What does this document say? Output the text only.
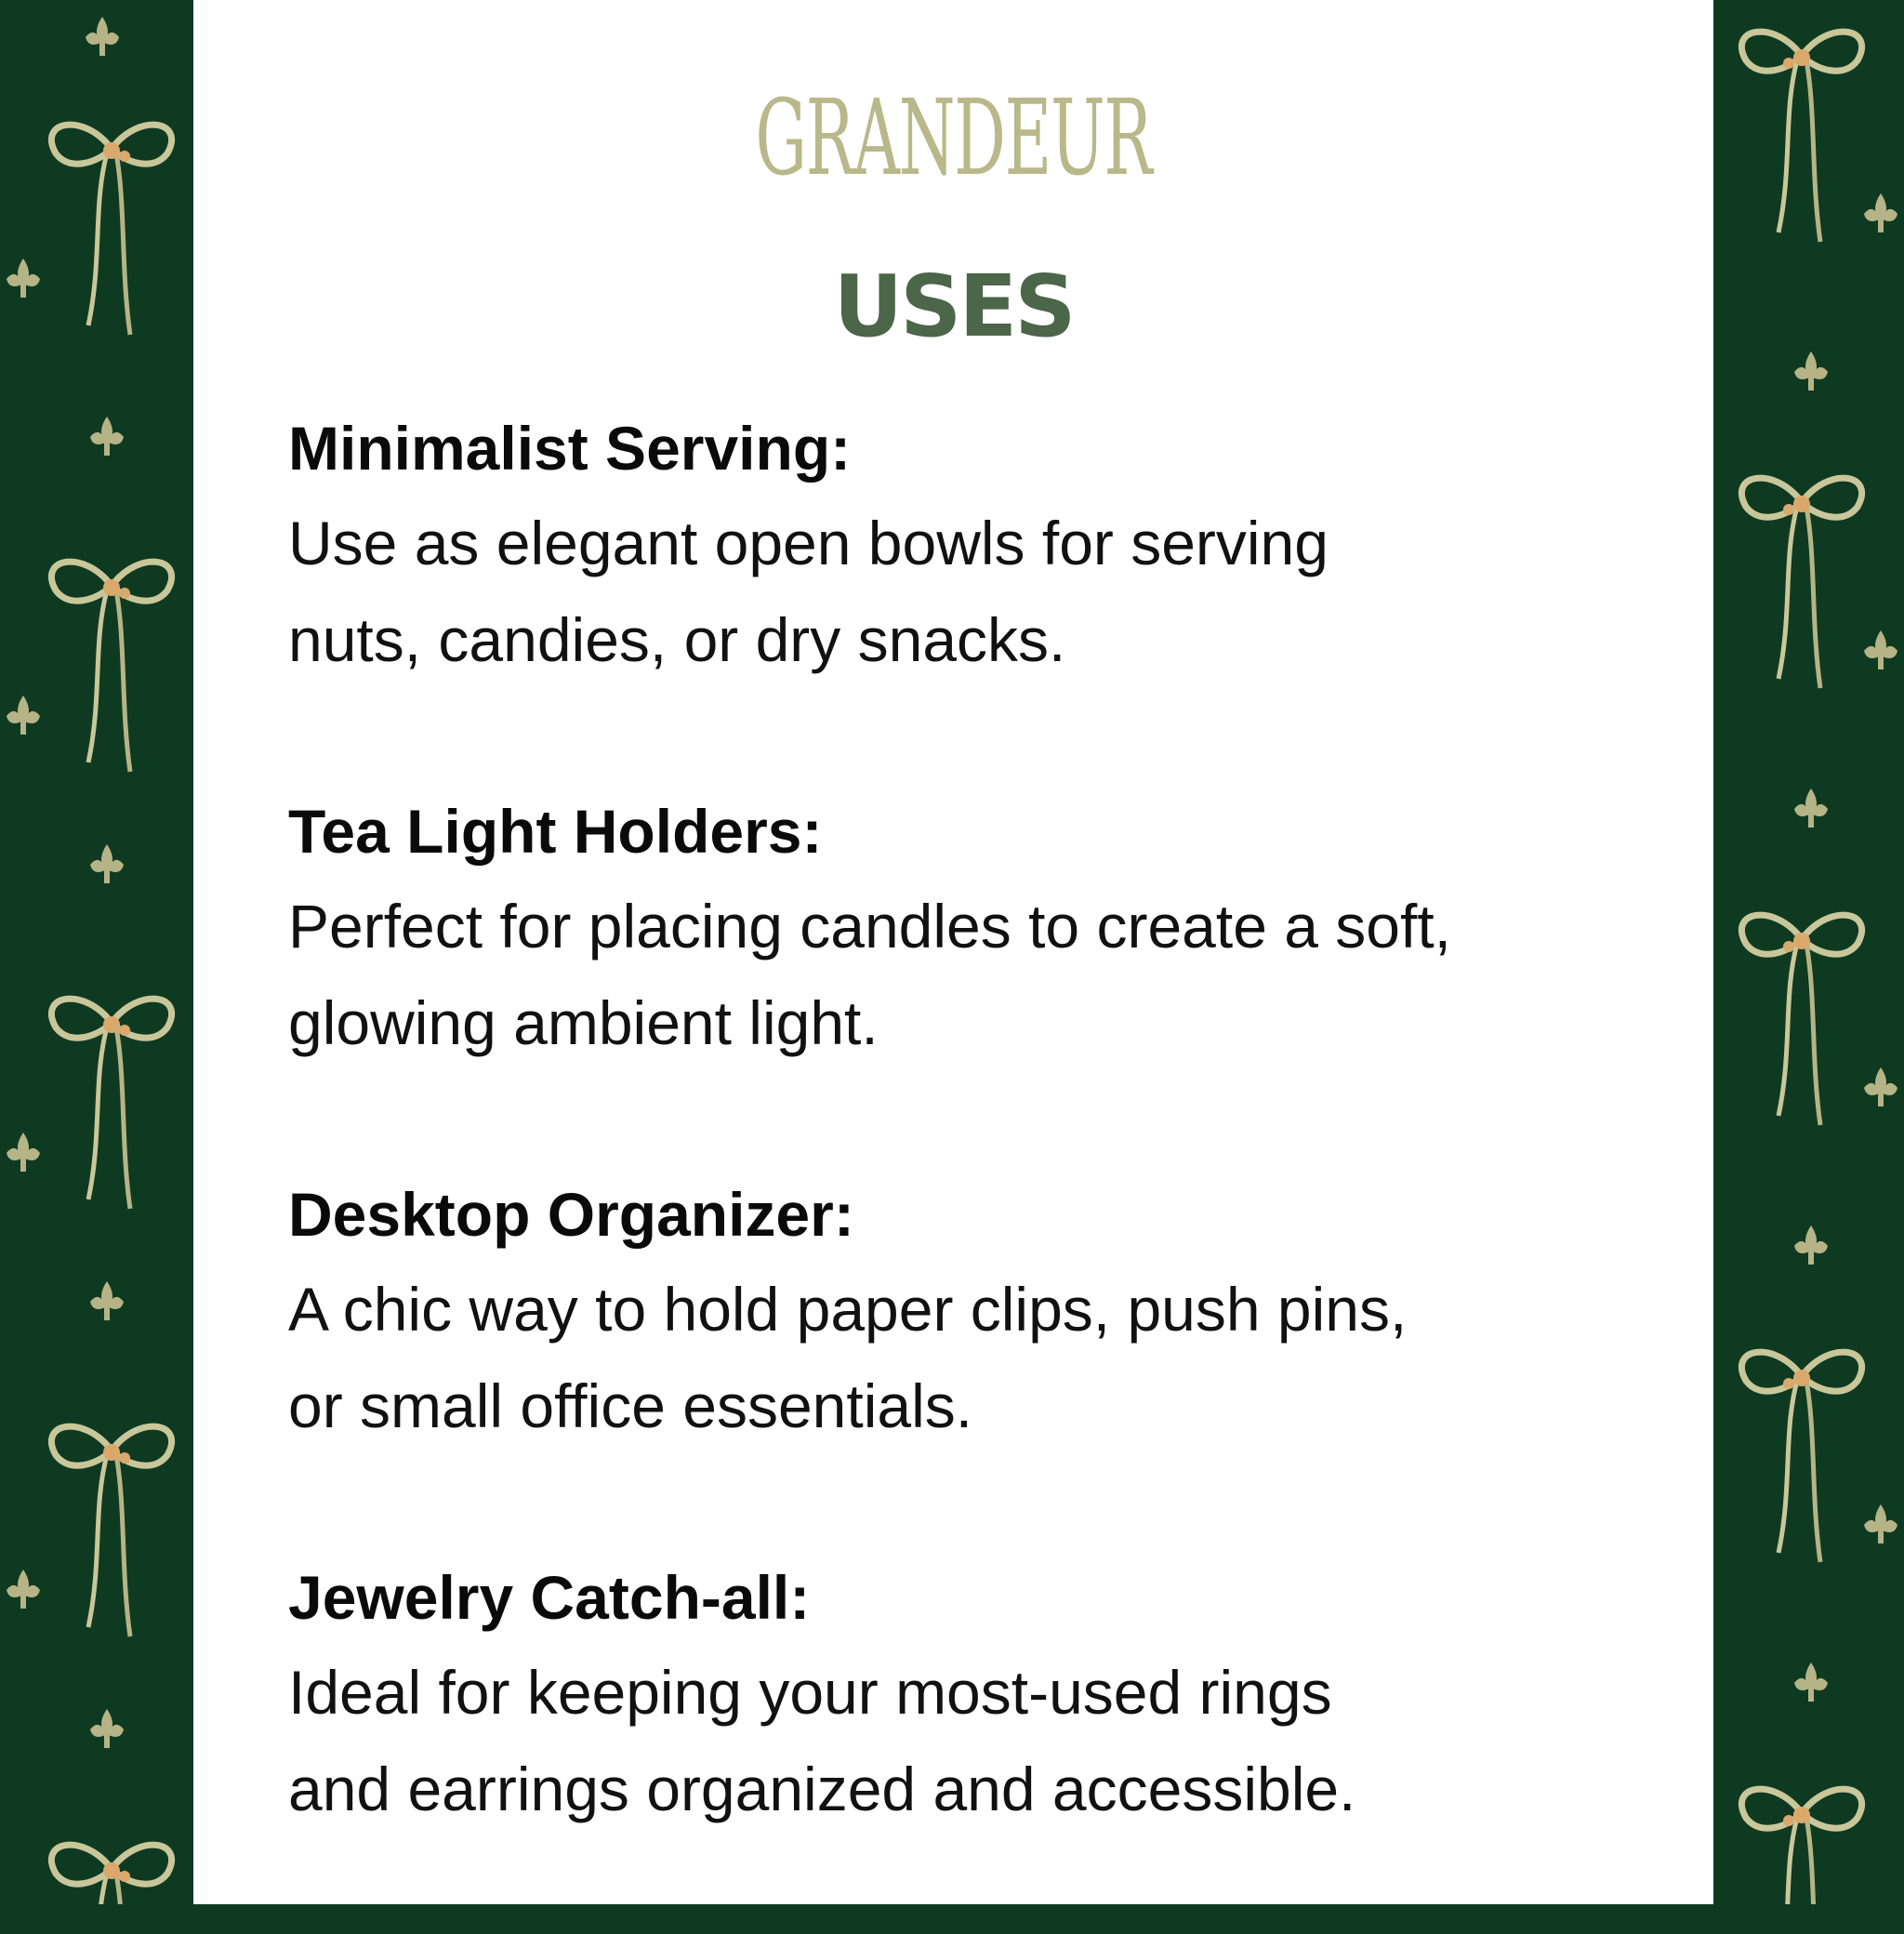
GRANDEUR
USES
Minimalist Serving:
Use as elegant open bowls for serving
nuts, candies, or dry snacks.
Tea Light Holders:
Perfect for placing candles to create a soft,
glowing ambient light.
Desktop Organizer:
A chic way to hold paper clips, push pins,
or small office essentials.
Jewelry Catch-all:
Ideal for keeping your most-used rings
and earrings organized and accessible.
